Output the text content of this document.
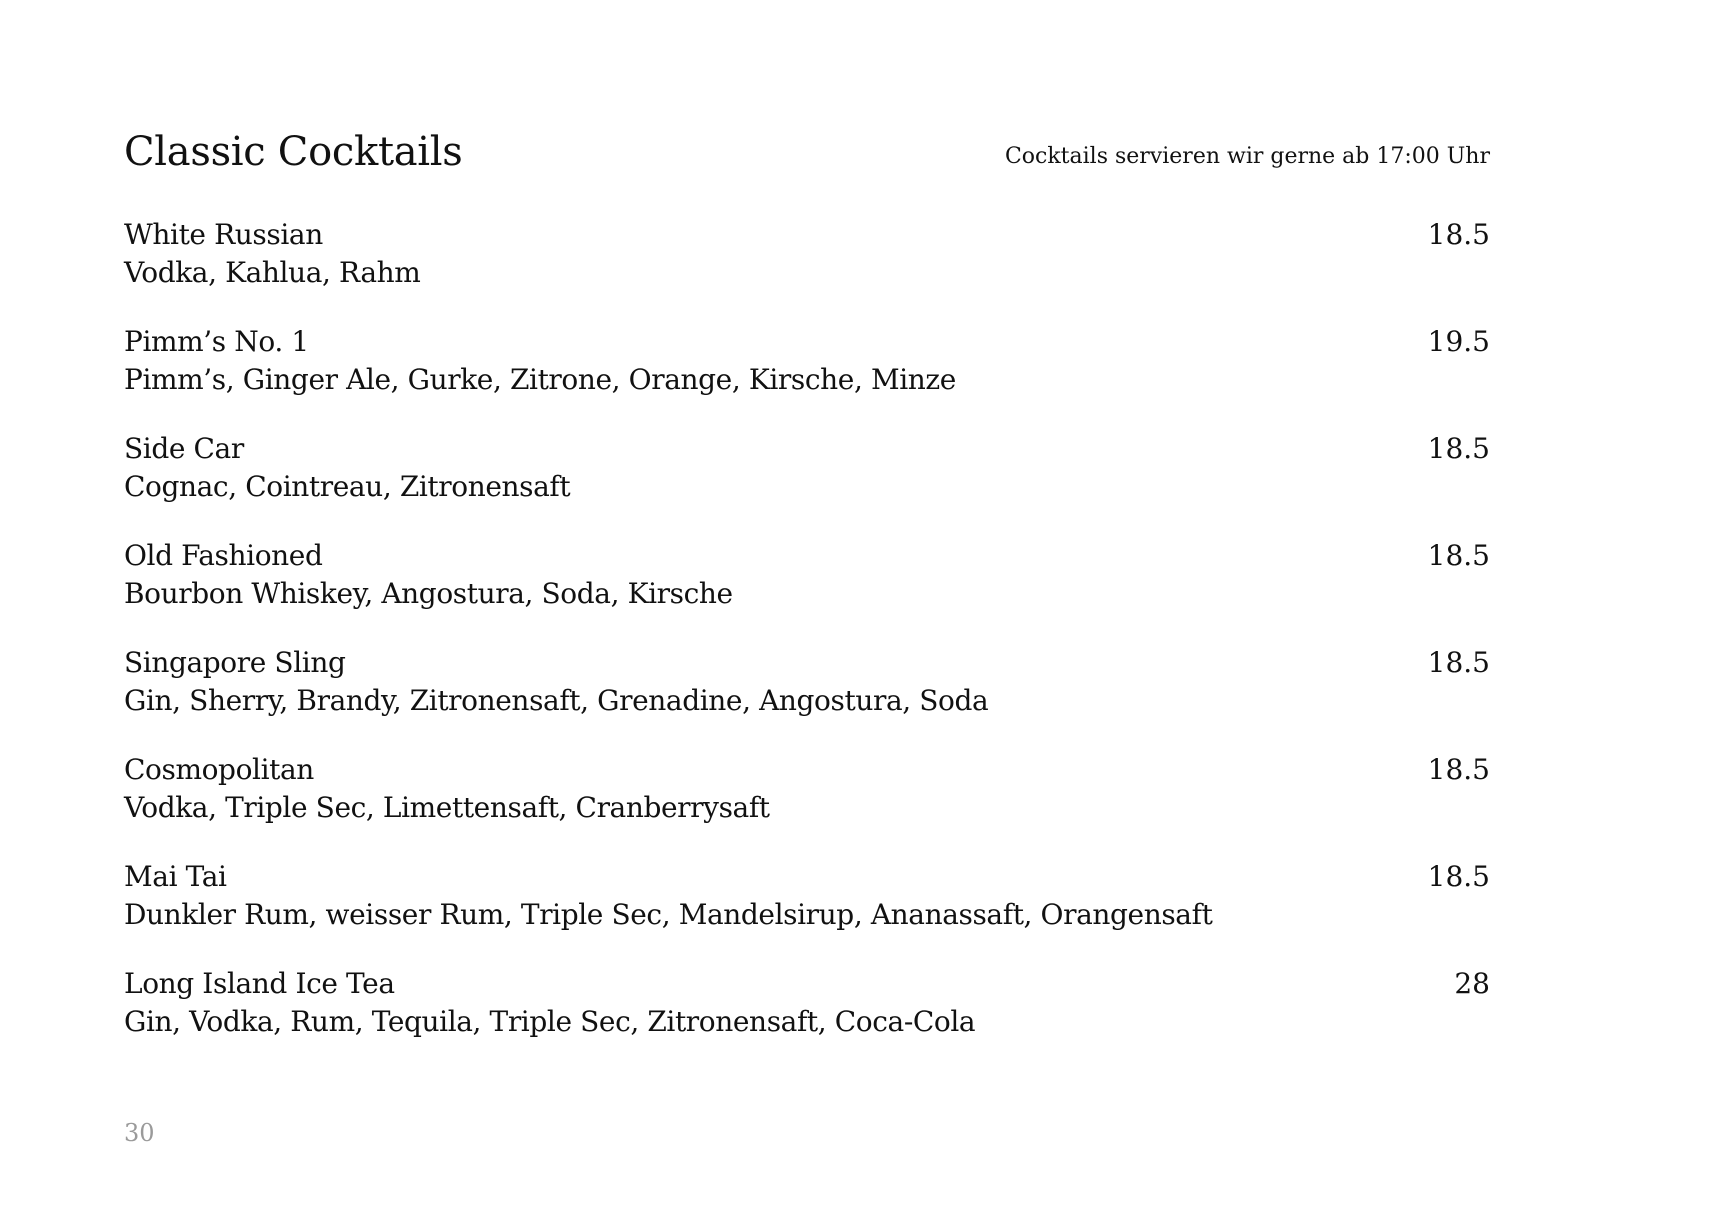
Classic Cocktails	Cocktails servieren wir gerne ab 17:00 Uhr
White Russian	18.5
Vodka, Kahlua, Rahm
Pimm’s No. 1	19.5
Pimm’s, Ginger Ale, Gurke, Zitrone, Orange, Kirsche, Minze
Side Car	18.5
Cognac, Cointreau, Zitronensaft
Old Fashioned	18.5
Bourbon Whiskey, Angostura, Soda, Kirsche
Singapore Sling	18.5
Gin, Sherry, Brandy, Zitronensaft, Grenadine, Angostura, Soda
Cosmopolitan	18.5
Vodka, Triple Sec, Limettensaft, Cranberrysaft
Mai Tai	18.5
Dunkler Rum, weisser Rum, Triple Sec, Mandelsirup, Ananassaft, Orangensaft
Long Island Ice Tea	28
Gin, Vodka, Rum, Tequila, Triple Sec, Zitronensaft, Coca-Cola
30
